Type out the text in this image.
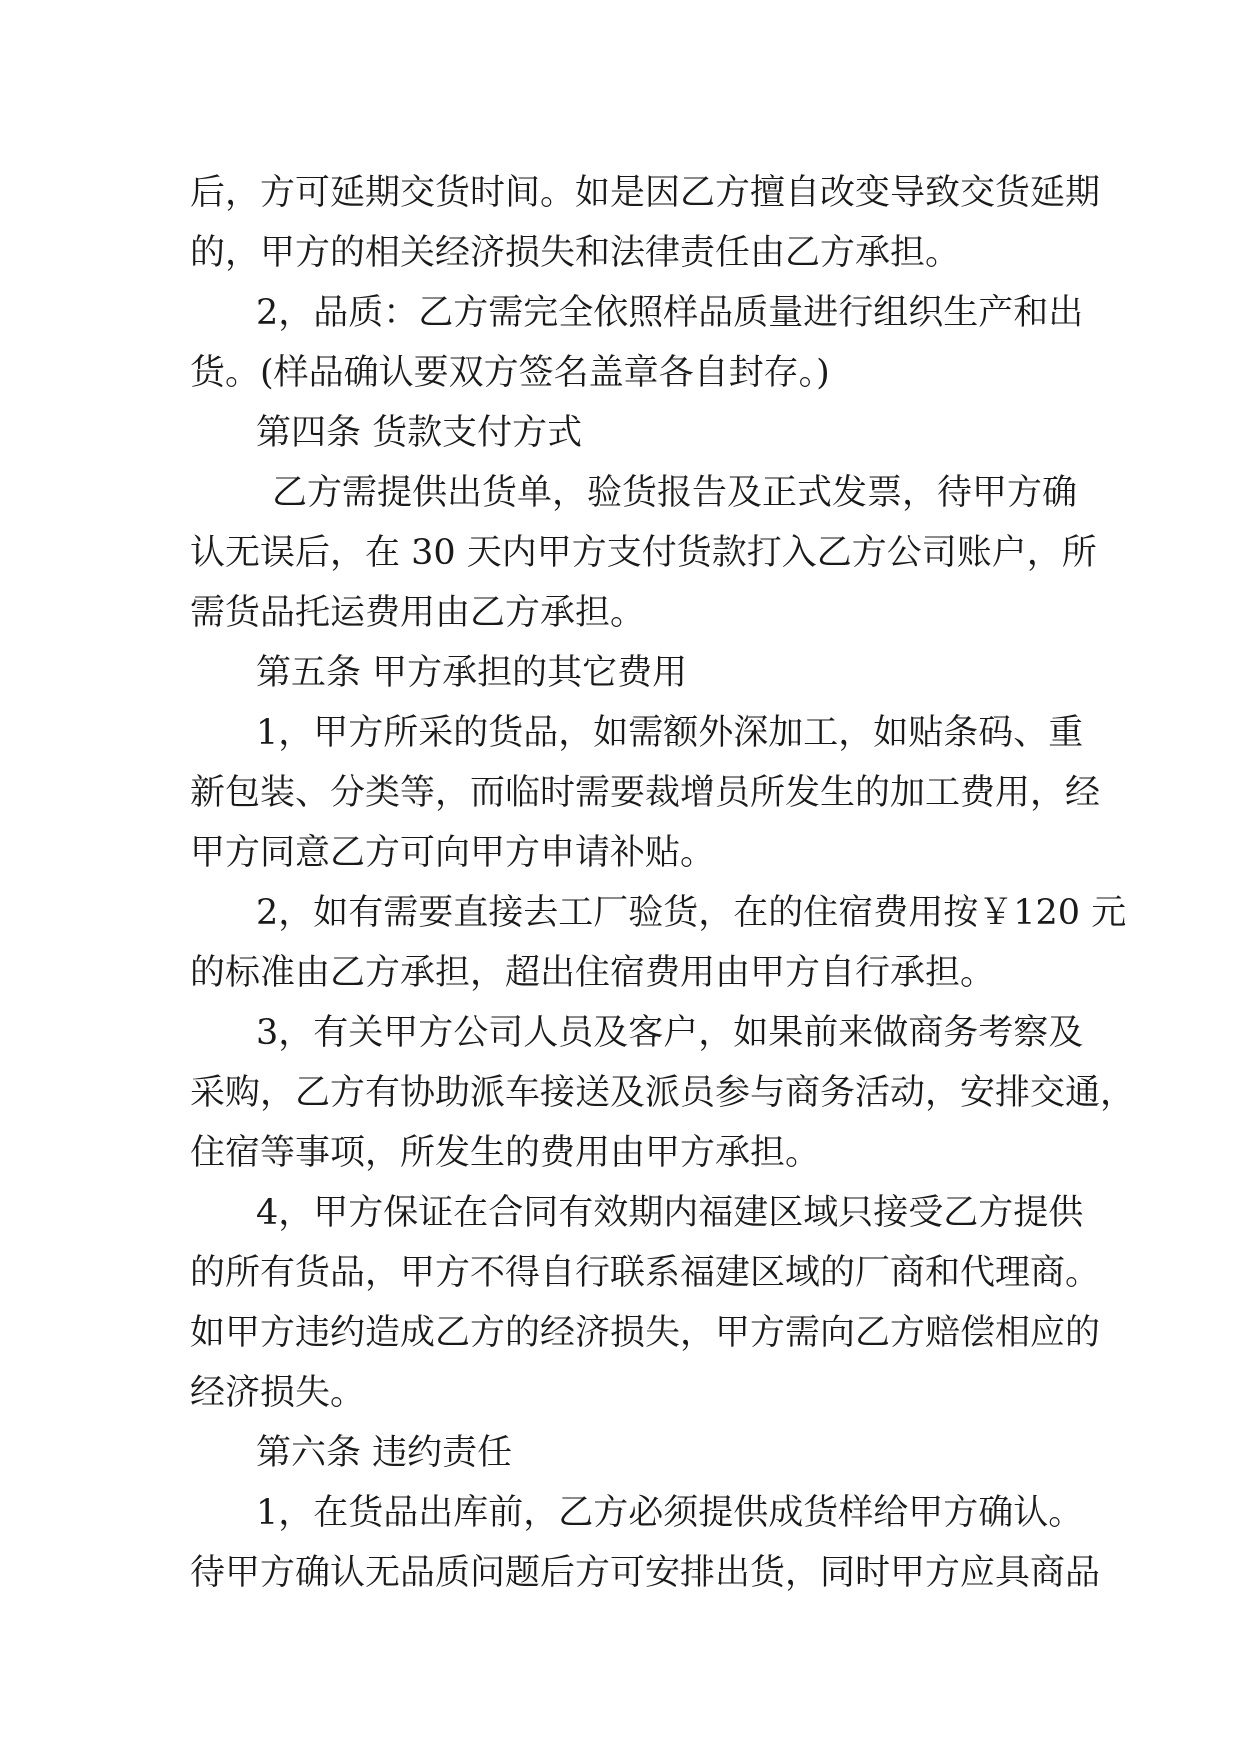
后，方可延期交货时间。如是因乙方擅自改变导致交货延期
的，甲方的相关经济损失和法律责任由乙方承担。
2，品质：乙方需完全依照样品质量进行组织生产和出
货。(样品确认要双方签名盖章各自封存。)
第四条 货款支付方式
乙方需提供出货单，验货报告及正式发票，待甲方确
认无误后，在 30 天内甲方支付货款打入乙方公司账户，所
需货品托运费用由乙方承担。
第五条 甲方承担的其它费用
1，甲方所采的货品，如需额外深加工，如贴条码、重
新包装、分类等，而临时需要裁增员所发生的加工费用，经
甲方同意乙方可向甲方申请补贴。
2，如有需要直接去工厂验货，在的住宿费用按￥120 元
的标准由乙方承担，超出住宿费用由甲方自行承担。
3，有关甲方公司人员及客户，如果前来做商务考察及
采购，乙方有协助派车接送及派员参与商务活动，安排交通，
住宿等事项，所发生的费用由甲方承担。
4，甲方保证在合同有效期内福建区域只接受乙方提供
的所有货品，甲方不得自行联系福建区域的厂商和代理商。
如甲方违约造成乙方的经济损失，甲方需向乙方赔偿相应的
经济损失。
第六条 违约责任
1，在货品出库前，乙方必须提供成货样给甲方确认。
待甲方确认无品质问题后方可安排出货，同时甲方应具商品
